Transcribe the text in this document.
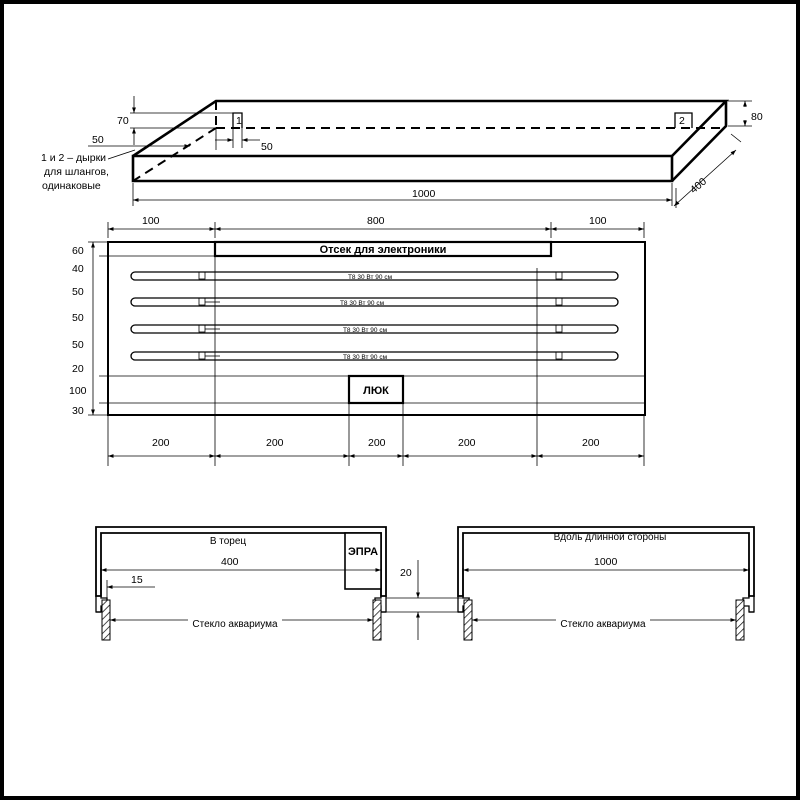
1	2
70
50
50
1 и 2 – дырки
для шлангов,
одинаковые
80
400
1000
100	800	100
Отсек для электроники
Т8 30 Вт 90 см
Т8 30 Вт 90 см
Т8 30 Вт 90 см
Т8 30 Вт 90 см
ЛЮК
60
40
50
50
50
20
100
30
200	200	200	200	200
ЭПРА
В торец
400
15
Стекло аквариума
20
Вдоль длинной стороны
1000
Стекло аквариума
